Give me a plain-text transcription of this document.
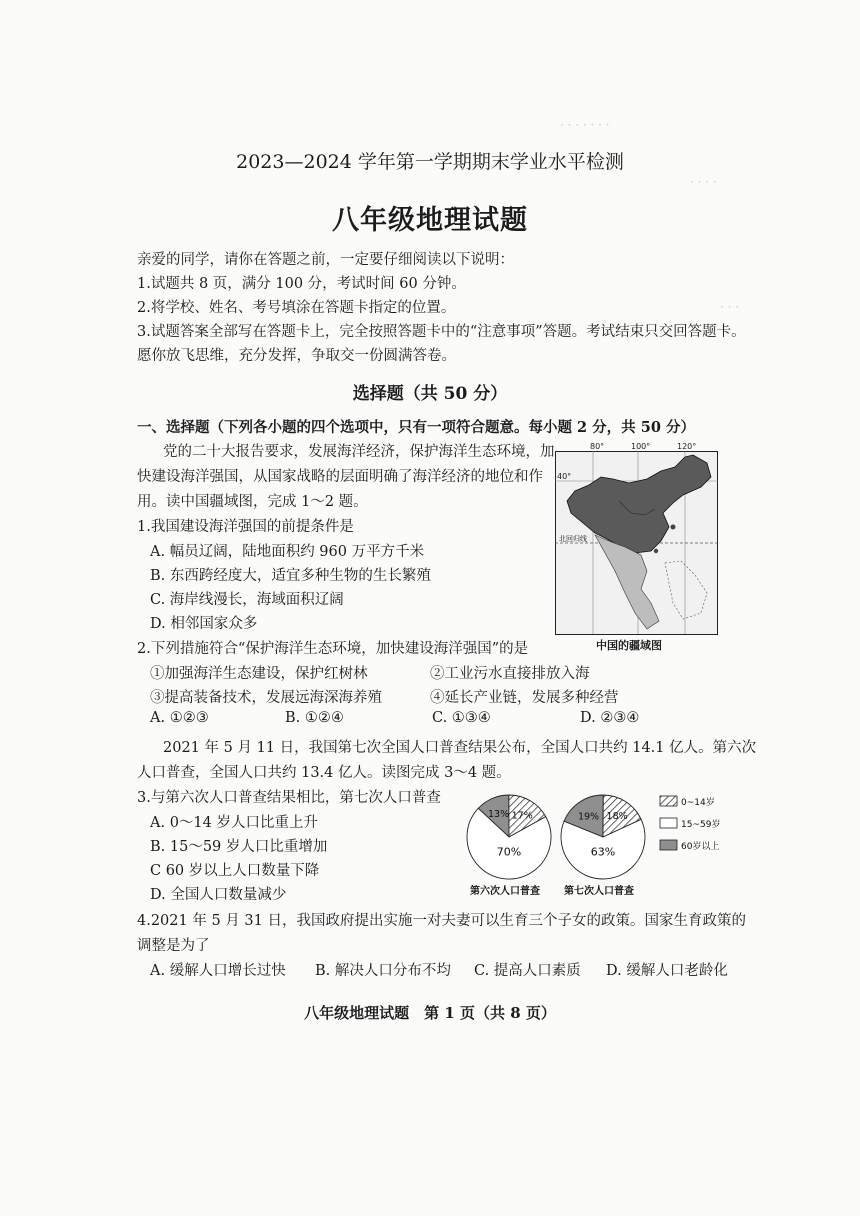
· · · · · · ·
· · · ·
· · ·
2023—2024 学年第一学期期末学业水平检测
八年级地理试题
亲爱的同学，请你在答题之前，一定要仔细阅读以下说明：
1.试题共 8 页，满分 100 分，考试时间 60 分钟。
2.将学校、姓名、考号填涂在答题卡指定的位置。
3.试题答案全部写在答题卡上，完全按照答题卡中的“注意事项”答题。考试结束只交回答题卡。
愿你放飞思维，充分发挥，争取交一份圆满答卷。
选择题（共 50 分）
一、选择题（下列各小题的四个选项中，只有一项符合题意。每小题 2 分，共 50 分）
党的二十大报告要求，发展海洋经济，保护海洋生态环境，加
快建设海洋强国，从国家战略的层面明确了海洋经济的地位和作
用。读中国疆域图，完成 1～2 题。
80°	100°	120°
40°
北回归线
中国的疆域图
1.我国建设海洋强国的前提条件是
A. 幅员辽阔，陆地面积约 960 万平方千米
B. 东西跨经度大，适宜多种生物的生长繁殖
C. 海岸线漫长，海域面积辽阔
D. 相邻国家众多
2.下列措施符合“保护海洋生态环境，加快建设海洋强国”的是
①加强海洋生态建设，保护红树林	②工业污水直接排放入海
③提高装备技术，发展远海深海养殖	④延长产业链，发展多种经营
A. ①②③	B. ①②④	C. ①③④	D. ②③④
2021 年 5 月 11 日，我国第七次全国人口普查结果公布，全国人口共约 14.1 亿人。第六次
人口普查，全国人口共约 13.4 亿人。读图完成 3～4 题。
3.与第六次人口普查结果相比，第七次人口普查
A. 0～14 岁人口比重上升
B. 15～59 岁人口比重增加
C 60 岁以上人口数量下降
D. 全国人口数量减少
13% 17%
70%
19% 18%
63%
0~14岁
15~59岁
60岁以上
第六次人口普查 第七次人口普查
4.2021 年 5 月 31 日，我国政府提出实施一对夫妻可以生育三个子女的政策。国家生育政策的
调整是为了
A. 缓解人口增长过快 B. 解决人口分布不均 C. 提高人口素质 D. 缓解人口老龄化
八年级地理试题　第 1 页（共 8 页）
